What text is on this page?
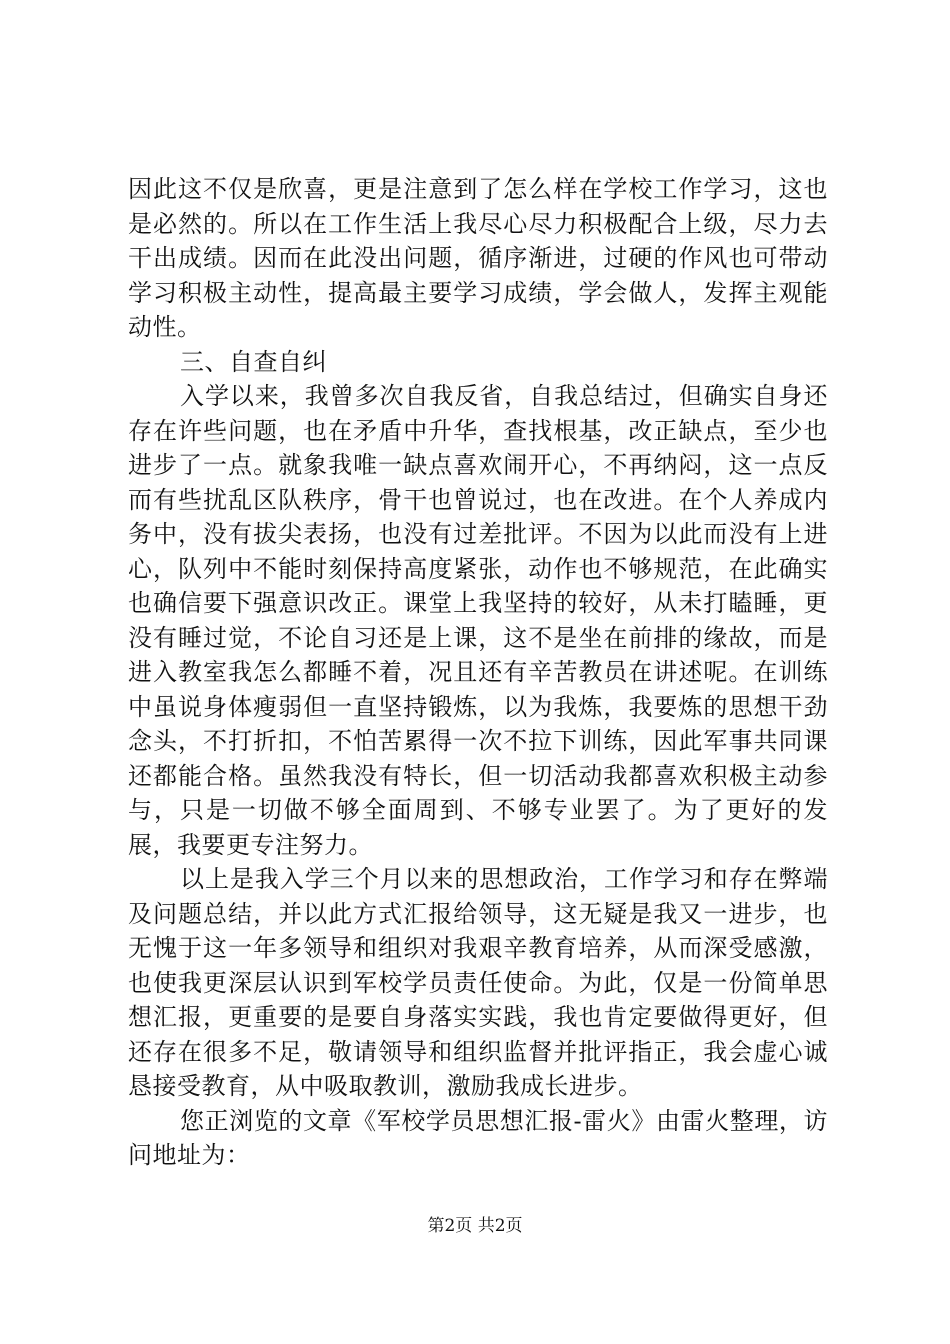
因此这不仅是欣喜，更是注意到了怎么样在学校工作学习，这也是必然的。所以在工作生活上我尽心尽力积极配合上级，尽力去干出成绩。因而在此没出问题，循序渐进，过硬的作风也可带动学习积极主动性，提高最主要学习成绩，学会做人，发挥主观能动性。

三、自查自纠

入学以来，我曾多次自我反省，自我总结过，但确实自身还存在许些问题，也在矛盾中升华，查找根基，改正缺点，至少也进步了一点。就象我唯一缺点喜欢闹开心，不再纳闷，这一点反而有些扰乱区队秩序，骨干也曾说过，也在改进。在个人养成内务中，没有拔尖表扬，也没有过差批评。不因为以此而没有上进心，队列中不能时刻保持高度紧张，动作也不够规范，在此确实也确信要下强意识改正。课堂上我坚持的较好，从未打瞌睡，更没有睡过觉，不论自习还是上课，这不是坐在前排的缘故，而是进入教室我怎么都睡不着，况且还有辛苦教员在讲述呢。在训练中虽说身体瘦弱但一直坚持锻炼，以为我炼，我要炼的思想干劲念头，不打折扣，不怕苦累得一次不拉下训练，因此军事共同课还都能合格。虽然我没有特长，但一切活动我都喜欢积极主动参与，只是一切做不够全面周到、不够专业罢了。为了更好的发展，我要更专注努力。

以上是我入学三个月以来的思想政治，工作学习和存在弊端及问题总结，并以此方式汇报给领导，这无疑是我又一进步，也无愧于这一年多领导和组织对我艰辛教育培养，从而深受感激，也使我更深层认识到军校学员责任使命。为此，仅是一份简单思想汇报，更重要的是要自身落实实践，我也肯定要做得更好，但还存在很多不足，敬请领导和组织监督并批评指正，我会虚心诚恳接受教育，从中吸取教训，激励我成长进步。

您正浏览的文章《军校学员思想汇报-雷火》由雷火整理，访问地址为：

第2页 共2页
